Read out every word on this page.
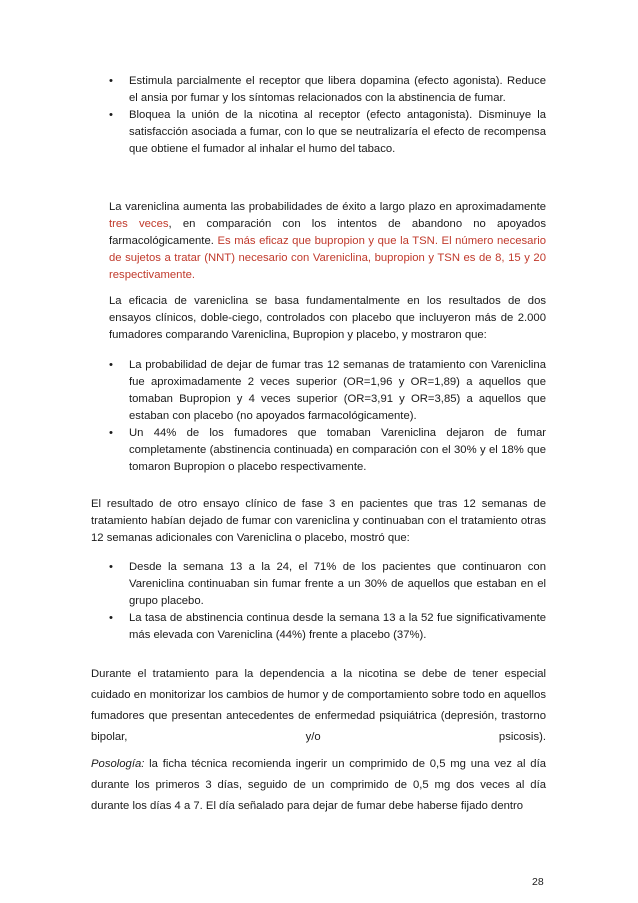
• Estimula parcialmente el receptor que libera dopamina (efecto agonista). Reduce el ansia por fumar y los síntomas relacionados con la abstinencia de fumar.
• Bloquea la unión de la nicotina al receptor (efecto antagonista). Disminuye la satisfacción asociada a fumar, con lo que se neutralizaría el efecto de recompensa que obtiene el fumador al inhalar el humo del tabaco.
La vareniclina aumenta las probabilidades de éxito a largo plazo en aproximadamente tres veces, en comparación con los intentos de abandono no apoyados farmacológicamente. Es más eficaz que bupropion y que la TSN. El número necesario de sujetos a tratar (NNT) necesario con Vareniclina, bupropion y TSN es de 8, 15 y 20 respectivamente.
La eficacia de vareniclina se basa fundamentalmente en los resultados de dos ensayos clínicos, doble-ciego, controlados con placebo que incluyeron más de 2.000 fumadores comparando Vareniclina, Bupropion y placebo, y mostraron que:
• La probabilidad de dejar de fumar tras 12 semanas de tratamiento con Vareniclina fue aproximadamente 2 veces superior (OR=1,96 y OR=1,89) a aquellos que tomaban Bupropion y 4 veces superior (OR=3,91 y OR=3,85) a aquellos que estaban con placebo (no apoyados farmacológicamente).
• Un 44% de los fumadores que tomaban Vareniclina dejaron de fumar completamente (abstinencia continuada) en comparación con el 30% y el 18% que tomaron Bupropion o placebo respectivamente.
El resultado de otro ensayo clínico de fase 3 en pacientes que tras 12 semanas de tratamiento habían dejado de fumar con vareniclina y continuaban con el tratamiento otras 12 semanas adicionales con Vareniclina o placebo, mostró que:
• Desde la semana 13 a la 24, el 71% de los pacientes que continuaron con Vareniclina continuaban sin fumar frente a un 30% de aquellos que estaban en el grupo placebo.
• La tasa de abstinencia continua desde la semana 13 a la 52 fue significativamente más elevada con Vareniclina (44%) frente a placebo (37%).
Durante el tratamiento para la dependencia a la nicotina se debe de tener especial cuidado en monitorizar los cambios de humor y de comportamiento sobre todo en aquellos fumadores que presentan antecedentes de enfermedad psiquiátrica (depresión, trastorno bipolar, y/o psicosis).
Posología: la ficha técnica recomienda ingerir un comprimido de 0,5 mg una vez al día durante los primeros 3 días, seguido de un comprimido de 0,5 mg dos veces al día durante los días 4 a 7. El día señalado para dejar de fumar debe haberse fijado dentro
28
